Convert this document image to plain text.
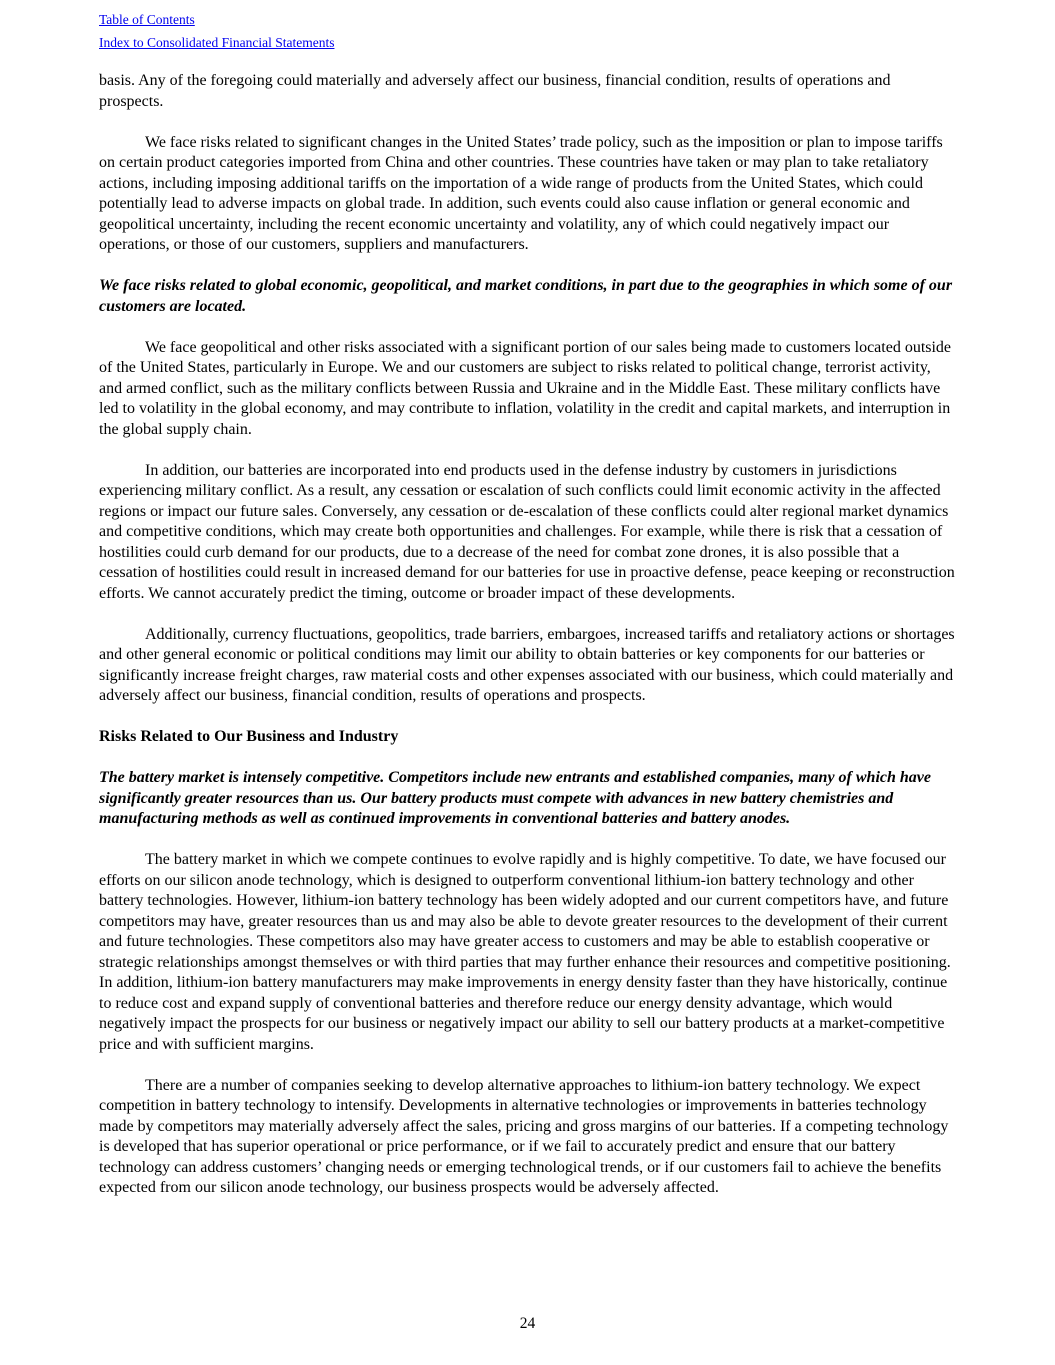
Table of Contents
Index to Consolidated Financial Statements

basis. Any of the foregoing could materially and adversely affect our business, financial condition, results of operations and prospects.

We face risks related to significant changes in the United States’ trade policy, such as the imposition or plan to impose tariffs on certain product categories imported from China and other countries. These countries have taken or may plan to take retaliatory actions, including imposing additional tariffs on the importation of a wide range of products from the United States, which could potentially lead to adverse impacts on global trade. In addition, such events could also cause inflation or general economic and geopolitical uncertainty, including the recent economic uncertainty and volatility, any of which could negatively impact our operations, or those of our customers, suppliers and manufacturers.

We face risks related to global economic, geopolitical, and market conditions, in part due to the geographies in which some of our customers are located.

We face geopolitical and other risks associated with a significant portion of our sales being made to customers located outside of the United States, particularly in Europe. We and our customers are subject to risks related to political change, terrorist activity, and armed conflict, such as the military conflicts between Russia and Ukraine and in the Middle East. These military conflicts have led to volatility in the global economy, and may contribute to inflation, volatility in the credit and capital markets, and interruption in the global supply chain.

In addition, our batteries are incorporated into end products used in the defense industry by customers in jurisdictions experiencing military conflict. As a result, any cessation or escalation of such conflicts could limit economic activity in the affected regions or impact our future sales. Conversely, any cessation or de-escalation of these conflicts could alter regional market dynamics and competitive conditions, which may create both opportunities and challenges. For example, while there is risk that a cessation of hostilities could curb demand for our products, due to a decrease of the need for combat zone drones, it is also possible that a cessation of hostilities could result in increased demand for our batteries for use in proactive defense, peace keeping or reconstruction efforts. We cannot accurately predict the timing, outcome or broader impact of these developments.

Additionally, currency fluctuations, geopolitics, trade barriers, embargoes, increased tariffs and retaliatory actions or shortages and other general economic or political conditions may limit our ability to obtain batteries or key components for our batteries or significantly increase freight charges, raw material costs and other expenses associated with our business, which could materially and adversely affect our business, financial condition, results of operations and prospects.

Risks Related to Our Business and Industry

The battery market is intensely competitive. Competitors include new entrants and established companies, many of which have significantly greater resources than us. Our battery products must compete with advances in new battery chemistries and manufacturing methods as well as continued improvements in conventional batteries and battery anodes.

The battery market in which we compete continues to evolve rapidly and is highly competitive. To date, we have focused our efforts on our silicon anode technology, which is designed to outperform conventional lithium-ion battery technology and other battery technologies. However, lithium-ion battery technology has been widely adopted and our current competitors have, and future competitors may have, greater resources than us and may also be able to devote greater resources to the development of their current and future technologies. These competitors also may have greater access to customers and may be able to establish cooperative or strategic relationships amongst themselves or with third parties that may further enhance their resources and competitive positioning. In addition, lithium-ion battery manufacturers may make improvements in energy density faster than they have historically, continue to reduce cost and expand supply of conventional batteries and therefore reduce our energy density advantage, which would negatively impact the prospects for our business or negatively impact our ability to sell our battery products at a market-competitive price and with sufficient margins.

There are a number of companies seeking to develop alternative approaches to lithium-ion battery technology. We expect competition in battery technology to intensify. Developments in alternative technologies or improvements in batteries technology made by competitors may materially adversely affect the sales, pricing and gross margins of our batteries. If a competing technology is developed that has superior operational or price performance, or if we fail to accurately predict and ensure that our battery technology can address customers’ changing needs or emerging technological trends, or if our customers fail to achieve the benefits expected from our silicon anode technology, our business prospects would be adversely affected.

24
